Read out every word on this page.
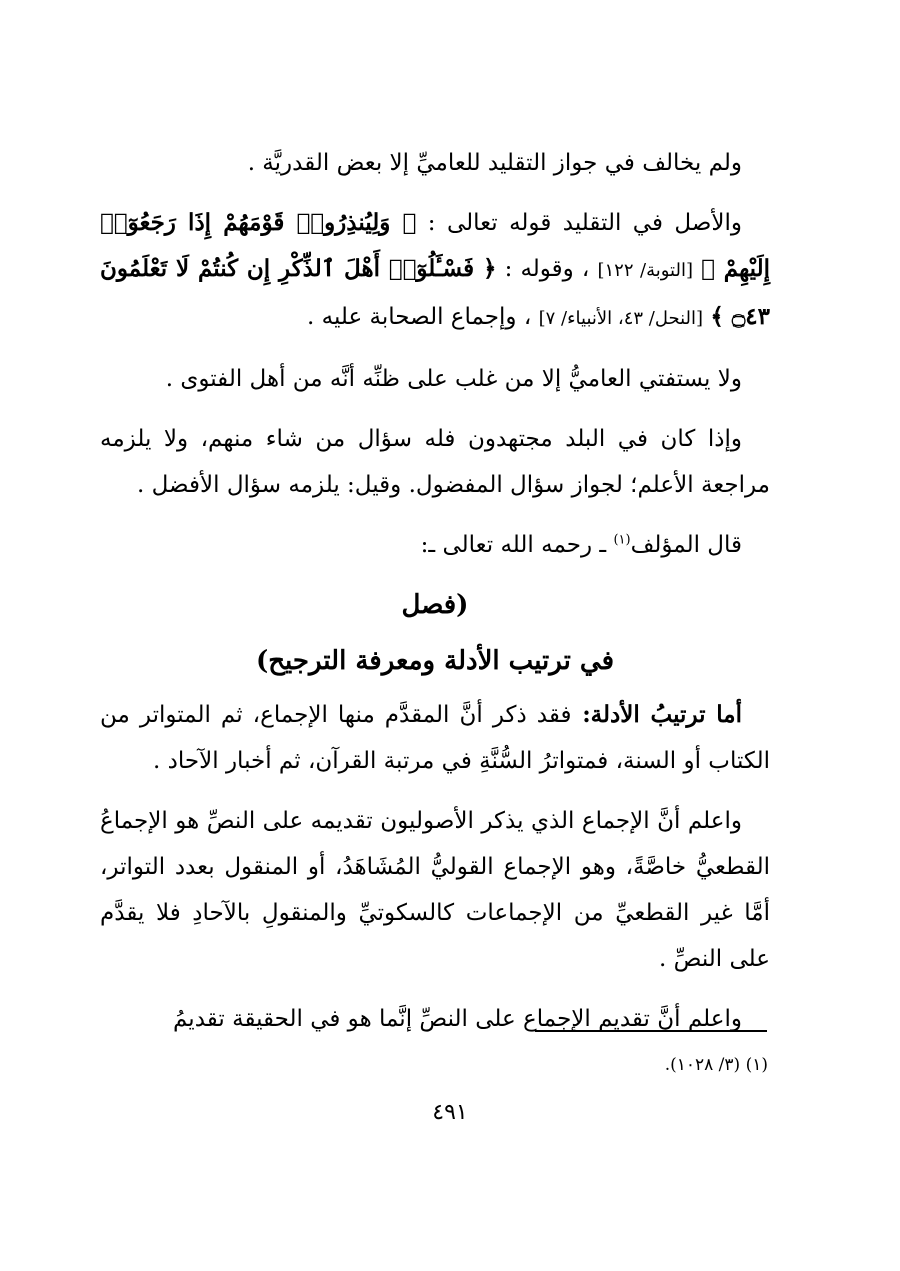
ولم يخالف في جواز التقليد للعاميِّ إلا بعض القدريَّة .

والأصل في التقليد قوله تعالى : ﴿ وَلِيُنذِرُوا۟ قَوْمَهُمْ إِذَا رَجَعُوٓا۟ إِلَيْهِمْ ﴾ [التوبة/ ١٢٢] ، وقوله : ﴿ فَسْـَٔلُوٓا۟ أَهْلَ ٱلذِّكْرِ إِن كُنتُمْ لَا تَعْلَمُونَ ۝٤٣ ﴾ [النحل/ ٤٣، الأنبياء/ ٧] ، وإجماع الصحابة عليه .

ولا يستفتي العاميُّ إلا من غلب على ظنِّه أنَّه من أهل الفتوى .

وإذا كان في البلد مجتهدون فله سؤال من شاء منهم، ولا يلزمه مراجعة الأعلم؛ لجواز سؤال المفضول. وقيل: يلزمه سؤال الأفضل .

قال المؤلف$^{(١)}$ ـ رحمه الله تعالى ـ:

(فصل
في ترتيب الأدلة ومعرفة الترجيح)

أما ترتيبُ الأدلة: فقد ذكر أنَّ المقدَّم منها الإجماع، ثم المتواتر من الكتاب أو السنة، فمتواترُ السُّنَّةِ في مرتبة القرآن، ثم أخبار الآحاد .

واعلم أنَّ الإجماع الذي يذكر الأصوليون تقديمه على النصِّ هو الإجماعُ القطعيُّ خاصَّةً، وهو الإجماع القوليُّ المُشَاهَدُ، أو المنقول بعدد التواتر، أمَّا غير القطعيِّ من الإجماعات كالسكوتيِّ والمنقولِ بالآحادِ فلا يقدَّم على النصِّ .

واعلم أنَّ تقديم الإجماع على النصِّ إنَّما هو في الحقيقة تقديمُ

(١) (٣/ ١٠٢٨).
٤٩١
